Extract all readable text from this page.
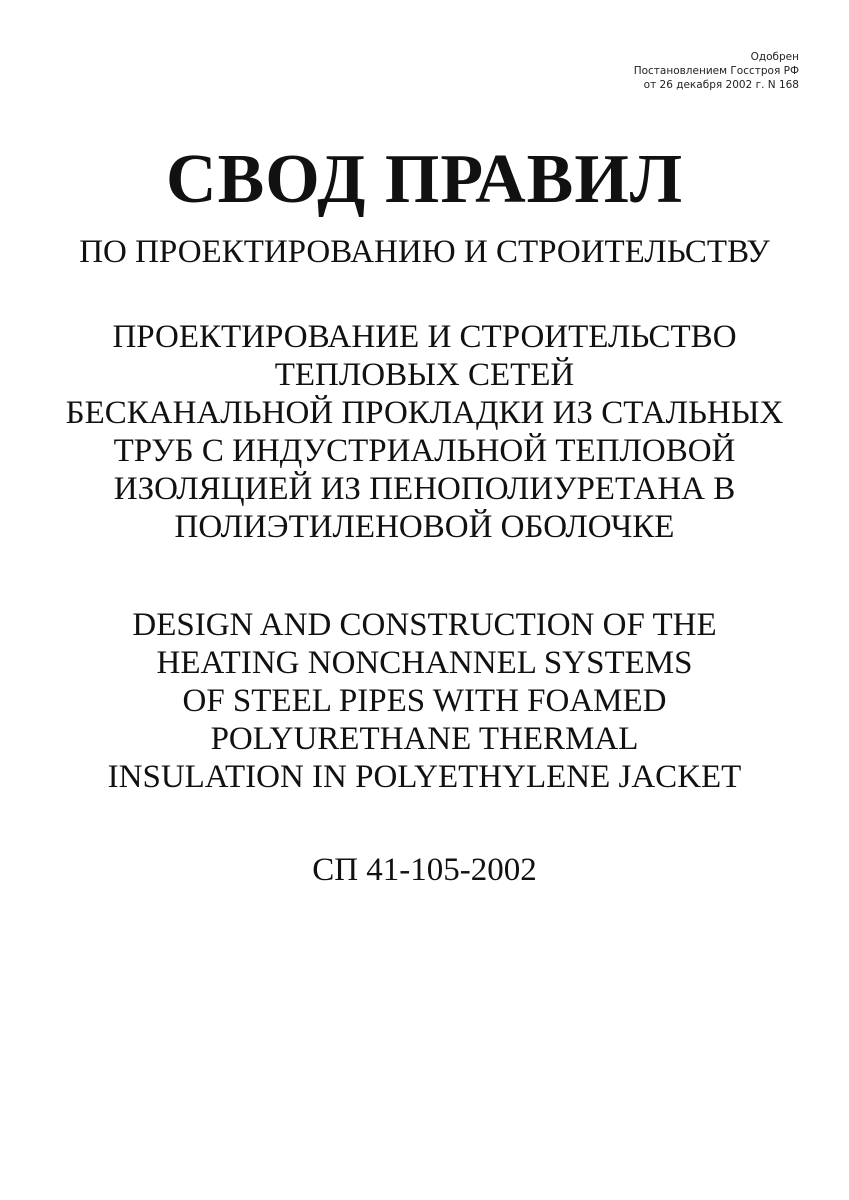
Одобрен
Постановлением Госстроя РФ
от 26 декабря 2002 г. N 168
СВОД ПРАВИЛ
ПО ПРОЕКТИРОВАНИЮ И СТРОИТЕЛЬСТВУ
ПРОЕКТИРОВАНИЕ И СТРОИТЕЛЬСТВО
ТЕПЛОВЫХ СЕТЕЙ
БЕСКАНАЛЬНОЙ ПРОКЛАДКИ ИЗ СТАЛЬНЫХ
ТРУБ С ИНДУСТРИАЛЬНОЙ ТЕПЛОВОЙ
ИЗОЛЯЦИЕЙ ИЗ ПЕНОПОЛИУРЕТАНА В
ПОЛИЭТИЛЕНОВОЙ ОБОЛОЧКЕ
DESIGN AND CONSTRUCTION OF THE
HEATING NONCHANNEL SYSTEMS
OF STEEL PIPES WITH FOAMED
POLYURETHANE THERMAL
INSULATION IN POLYETHYLENE JACKET
СП 41-105-2002
